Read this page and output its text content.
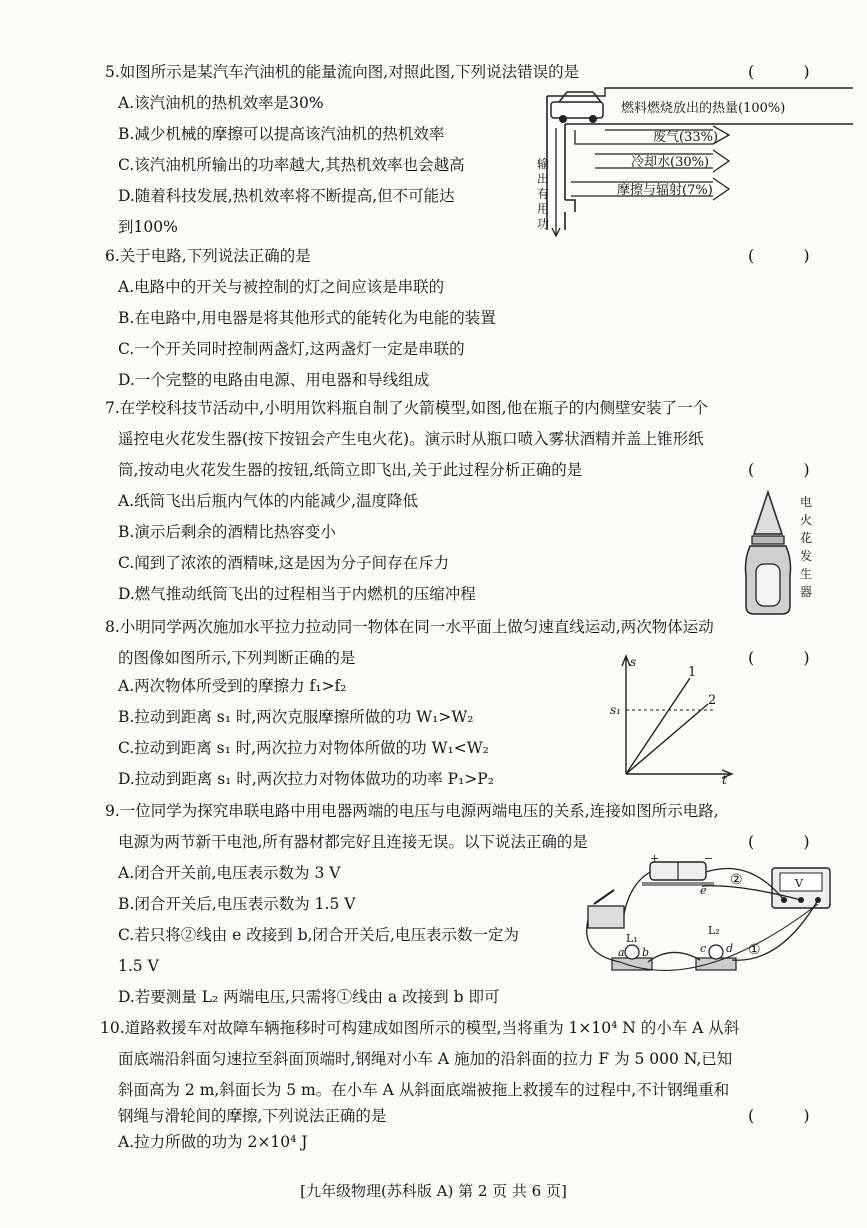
5.如图所示是某汽车汽油机的能量流向图,对照此图,下列说法错误的是	( )
A.该汽油机的热机效率是30%
B.减少机械的摩擦可以提高该汽油机的热机效率
C.该汽油机所输出的功率越大,其热机效率也会越高
D.随着科技发展,热机效率将不断提高,但不可能达
到100%
燃料燃烧放出的热量(100%)
废气(33%)
冷却水(30%)
摩擦与辐射(7%)
输
出
有
用
功
6.关于电路,下列说法正确的是	( )
A.电路中的开关与被控制的灯之间应该是串联的
B.在电路中,用电器是将其他形式的能转化为电能的装置
C.一个开关同时控制两盏灯,这两盏灯一定是串联的
D.一个完整的电路由电源、用电器和导线组成
7.在学校科技节活动中,小明用饮料瓶自制了火箭模型,如图,他在瓶子的内侧壁安装了一个
遥控电火花发生器(按下按钮会产生电火花)。演示时从瓶口喷入雾状酒精并盖上锥形纸
筒,按动电火花发生器的按钮,纸筒立即飞出,关于此过程分析正确的是	( )
A.纸筒飞出后瓶内气体的内能减少,温度降低
B.演示后剩余的酒精比热容变小
C.闻到了浓浓的酒精味,这是因为分子间存在斥力
D.燃气推动纸筒飞出的过程相当于内燃机的压缩冲程
电
火
花
发
生
器
8.小明同学两次施加水平拉力拉动同一物体在同一水平面上做匀速直线运动,两次物体运动
的图像如图所示,下列判断正确的是	( )
A.两次物体所受到的摩擦力 f₁>f₂
B.拉动到距离 s₁ 时,两次克服摩擦所做的功 W₁>W₂
C.拉动到距离 s₁ 时,两次拉力对物体所做的功 W₁<W₂
D.拉动到距离 s₁ 时,两次拉力对物体做功的功率 P₁>P₂
s
t
s₁
1
2
9.一位同学为探究串联电路中用电器两端的电压与电源两端电压的关系,连接如图所示电路,
电源为两节新干电池,所有器材都完好且连接无误。以下说法正确的是	( )
A.闭合开关前,电压表示数为 3 V
B.闭合开关后,电压表示数为 1.5 V
C.若只将②线由 e 改接到 b,闭合开关后,电压表示数一定为
1.5 V
D.若要测量 L₂ 两端电压,只需将①线由 a 改接到 b 即可
+	−
e
V
L₁
L₂
a b	c d
②
①
10.道路救援车对故障车辆拖移时可构建成如图所示的模型,当将重为 1×10⁴ N 的小车 A 从斜
面底端沿斜面匀速拉至斜面顶端时,钢绳对小车 A 施加的沿斜面的拉力 F 为 5 000 N,已知
斜面高为 2 m,斜面长为 5 m。在小车 A 从斜面底端被拖上救援车的过程中,不计钢绳重和
钢绳与滑轮间的摩擦,下列说法正确的是	( )
A.拉力所做的功为 2×10⁴ J
[九年级物理(苏科版 A) 第 2 页 共 6 页]
